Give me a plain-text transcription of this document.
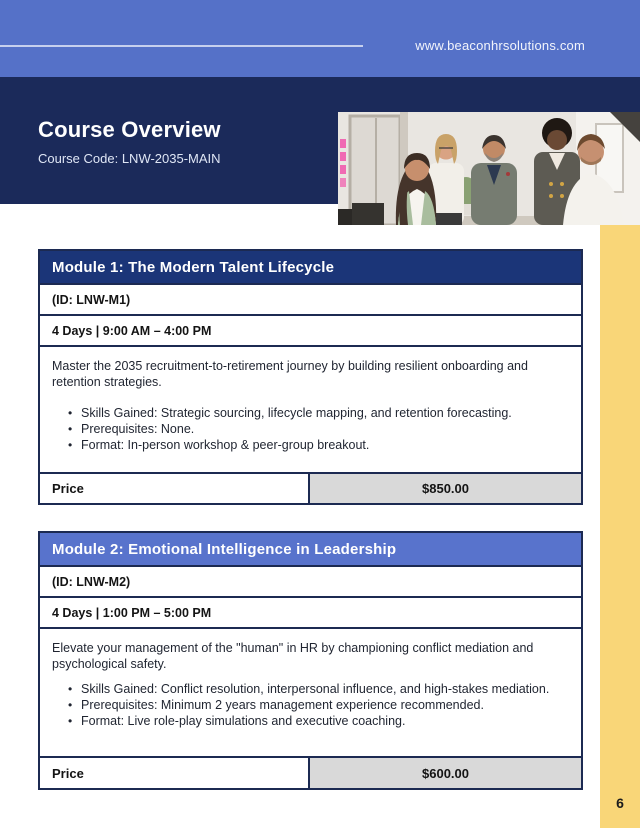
www.beaconhrsolutions.com
Course Overview
Course Code: LNW-2035-MAIN
6
Module 1: The Modern Talent Lifecycle
(ID: LNW-M1)
4 Days | 9:00 AM – 4:00 PM

Master the 2035 recruitment-to-retirement journey by building resilient onboarding and retention strategies.

• Skills Gained: Strategic sourcing, lifecycle mapping, and retention forecasting.
• Prerequisites: None.
• Format: In-person workshop & peer-group breakout.
Price	$850.00
Module 2: Emotional Intelligence in Leadership
(ID: LNW-M2)
4 Days | 1:00 PM – 5:00 PM

Elevate your management of the "human" in HR by championing conflict mediation and psychological safety.

• Skills Gained: Conflict resolution, interpersonal influence, and high-stakes mediation.
• Prerequisites: Minimum 2 years management experience recommended.
• Format: Live role-play simulations and executive coaching.
Price	$600.00
